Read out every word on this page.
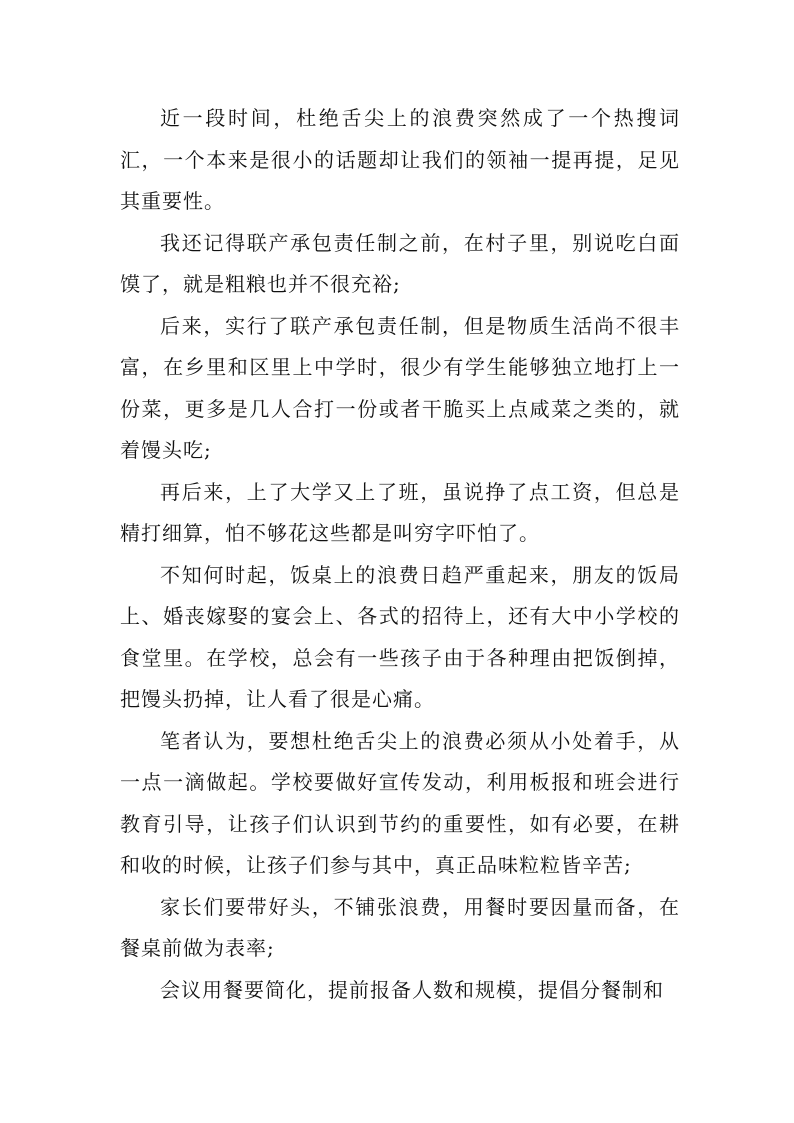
近一段时间，杜绝舌尖上的浪费突然成了一个热搜词汇，一个本来是很小的话题却让我们的领袖一提再提，足见其重要性。

我还记得联产承包责任制之前，在村子里，别说吃白面馍了，就是粗粮也并不很充裕;

后来，实行了联产承包责任制，但是物质生活尚不很丰富，在乡里和区里上中学时，很少有学生能够独立地打上一份菜，更多是几人合打一份或者干脆买上点咸菜之类的，就着馒头吃;

再后来，上了大学又上了班，虽说挣了点工资，但总是精打细算，怕不够花这些都是叫穷字吓怕了。

不知何时起，饭桌上的浪费日趋严重起来，朋友的饭局上、婚丧嫁娶的宴会上、各式的招待上，还有大中小学校的食堂里。在学校，总会有一些孩子由于各种理由把饭倒掉，把馒头扔掉，让人看了很是心痛。

笔者认为，要想杜绝舌尖上的浪费必须从小处着手，从一点一滴做起。学校要做好宣传发动，利用板报和班会进行教育引导，让孩子们认识到节约的重要性，如有必要，在耕和收的时候，让孩子们参与其中，真正品味粒粒皆辛苦;

家长们要带好头，不铺张浪费，用餐时要因量而备，在餐桌前做为表率;

会议用餐要简化，提前报备人数和规模，提倡分餐制和
